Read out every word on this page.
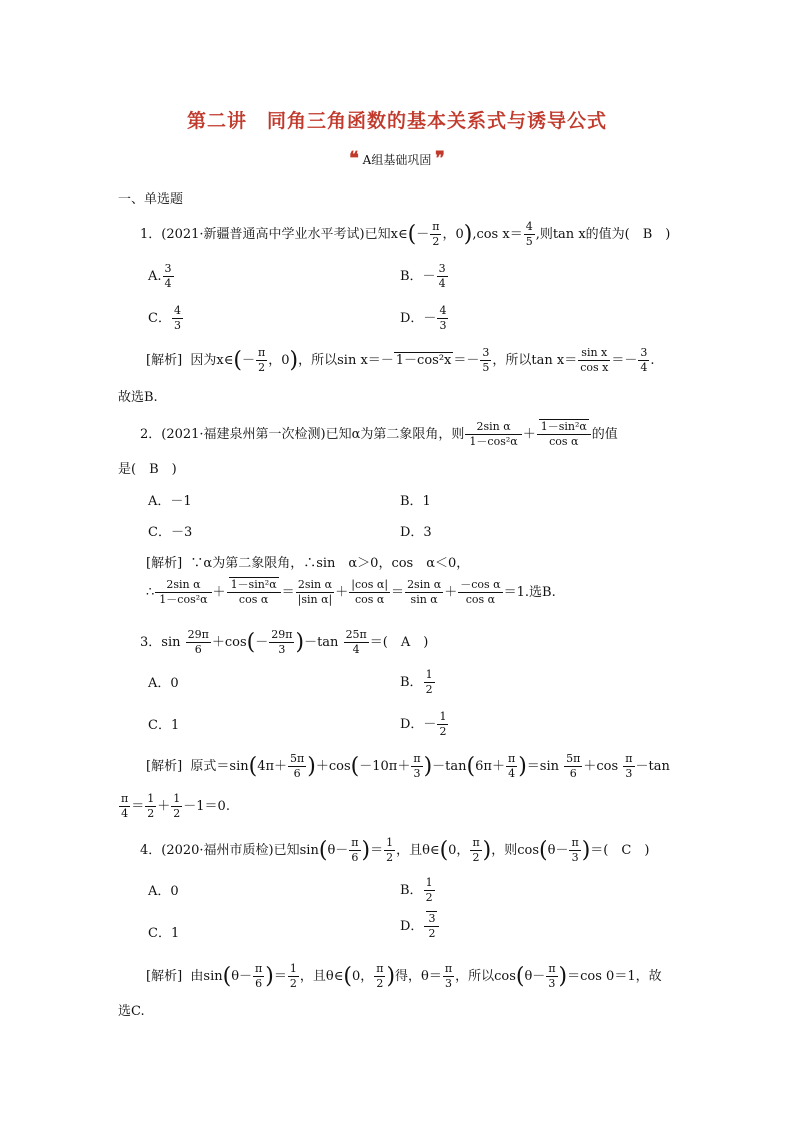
第二讲　同角三角函数的基本关系式与诱导公式
❝ A组基础巩固 ❞
一、单选题
1．(2021·新疆普通高中学业水平考试)已知x∈(－ $\frac{\pi}{2}$ ，0),cos $x= \frac{4}{5}$ ,则tan x的值为(　B　)
A. $\frac{3}{4}$	B．－ $\frac{3}{4}$
C． $\frac{4}{3}$	D．－ $\frac{4}{3}$
[解析] 因为x∈(－ $\frac{\pi}{2}$ ，0)，所以$\sin x=- 1-\cos^2x =- \frac{3}{5}$ ，所以$\tan x= \frac{\text{sin x}}{\text{cos x}} =- \frac{3}{4}$ .
故选B.
2．(2021·福建泉州第一次检测)已知α为第二象限角，则 $\frac{\text{2sin α}}{\text{1－cos²α}} + \frac{\text{1－sin²α}}{\text{cos α}}$ 的值
是(　B　)
A．－1	B．1
C．－3	D．3
[解析] ∵α为第二象限角，∴sin　α＞0，cos　α＜0，
∴ $\frac{\text{2sin α}}{\text{1－cos²α}} + \frac{\text{1－sin²α}}{\text{cos α}} = \frac{\text{2sin α}}{\text{|sin α|}} + \frac{\text{|cos α|}}{\text{cos α}} = \frac{\text{2sin α}}{\text{sin α}} + \frac{\text{－cos α}}{\text{cos α}} =1$.选B.
3．$\sin \frac{29\pi}{6} +\cos(- \frac{29\pi}{3} )-\tan \frac{25\pi}{4}$ ＝(　A　)
A．0	B． $\frac{1}{2}$
C．1	D．－ $\frac{1}{2}$
[解析] 原式$=\sin(4\pi+ \frac{5\pi}{6} )+\cos(-10\pi+ \frac{\pi}{3} )-\tan(6\pi+ \frac{\pi}{4} )=\sin \frac{5\pi}{6} +\cos \frac{\pi}{3} -\tan$
$\frac{\pi}{4} = \frac{1}{2} + \frac{1}{2} -1=0$.
4．(2020·福州市质检)已知$\sin(\theta- \frac{\pi}{6}$ )＝ $\frac{1}{2}$ ，且θ∈(0， $\frac{\pi}{2}$ )，则$\cos(\theta- \frac{\pi}{3}$ )＝(　C　)
A．0	B． $\frac{1}{2}$
C．1	D． $\frac{3}{2}$
[解析] 由$\sin(\theta- \frac{\pi}{6}$ )＝ $\frac{1}{2}$ ，且θ∈(0， $\frac{\pi}{2}$ )得，$\theta= \frac{\pi}{3}$ ，所以$\cos(\theta- \frac{\pi}{3} )=\cos$ 0＝1，故
选C.
